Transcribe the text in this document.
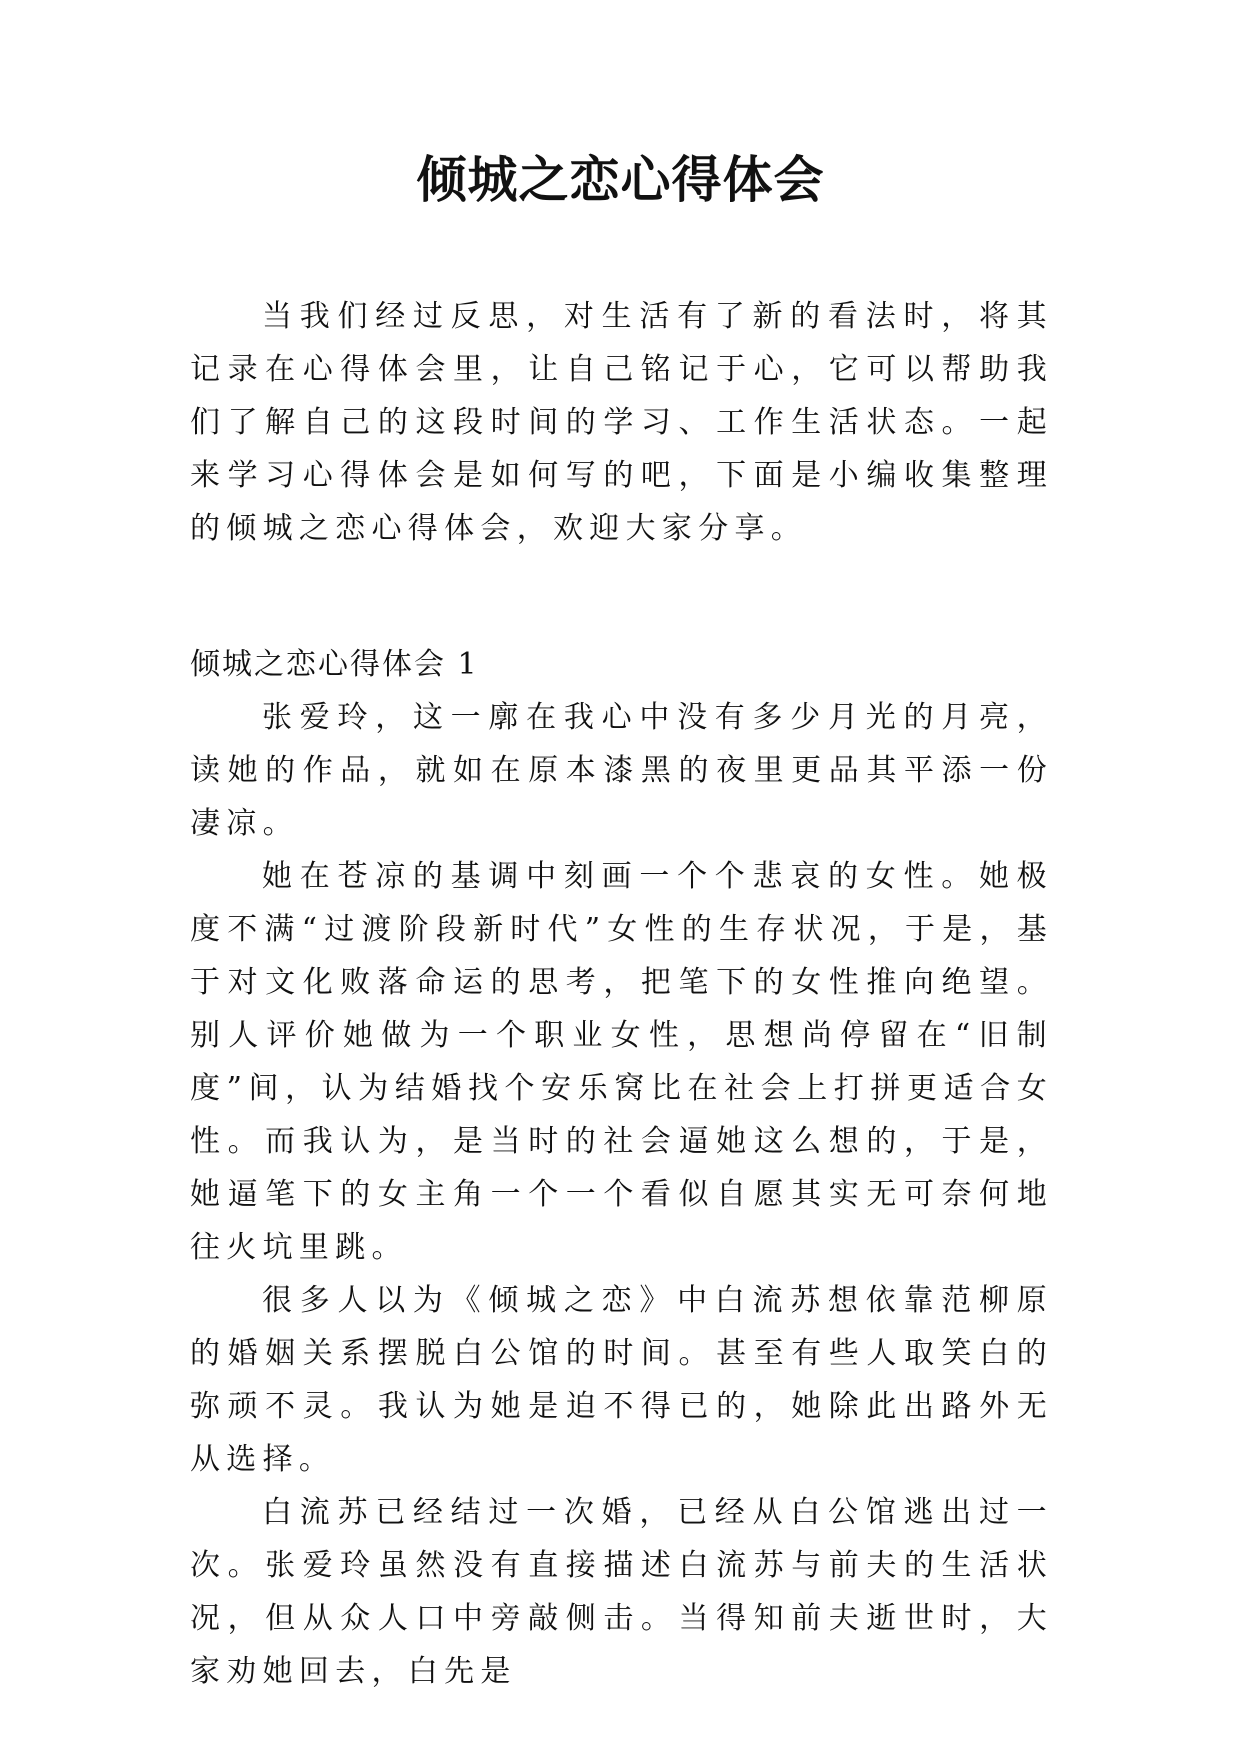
倾城之恋心得体会

当我们经过反思，对生活有了新的看法时，将其记录在心得体会里，让自己铭记于心，它可以帮助我们了解自己的这段时间的学习、工作生活状态。一起来学习心得体会是如何写的吧，下面是小编收集整理的倾城之恋心得体会，欢迎大家分享。

倾城之恋心得体会 1

张爱玲，这一廓在我心中没有多少月光的月亮，读她的作品，就如在原本漆黑的夜里更品其平添一份凄凉。

她在苍凉的基调中刻画一个个悲哀的女性。她极度不满“过渡阶段新时代”女性的生存状况，于是，基于对文化败落命运的思考，把笔下的女性推向绝望。别人评价她做为一个职业女性，思想尚停留在“旧制度”间，认为结婚找个安乐窝比在社会上打拼更适合女性。而我认为，是当时的社会逼她这么想的，于是，她逼笔下的女主角一个一个看似自愿其实无可奈何地往火坑里跳。

很多人以为《倾城之恋》中白流苏想依靠范柳原的婚姻关系摆脱白公馆的时间。甚至有些人取笑白的弥顽不灵。我认为她是迫不得已的，她除此出路外无从选择。

白流苏已经结过一次婚，已经从白公馆逃出过一次。张爱玲虽然没有直接描述白流苏与前夫的生活状况，但从众人口中旁敲侧击。当得知前夫逝世时，大家劝她回去，白先是
